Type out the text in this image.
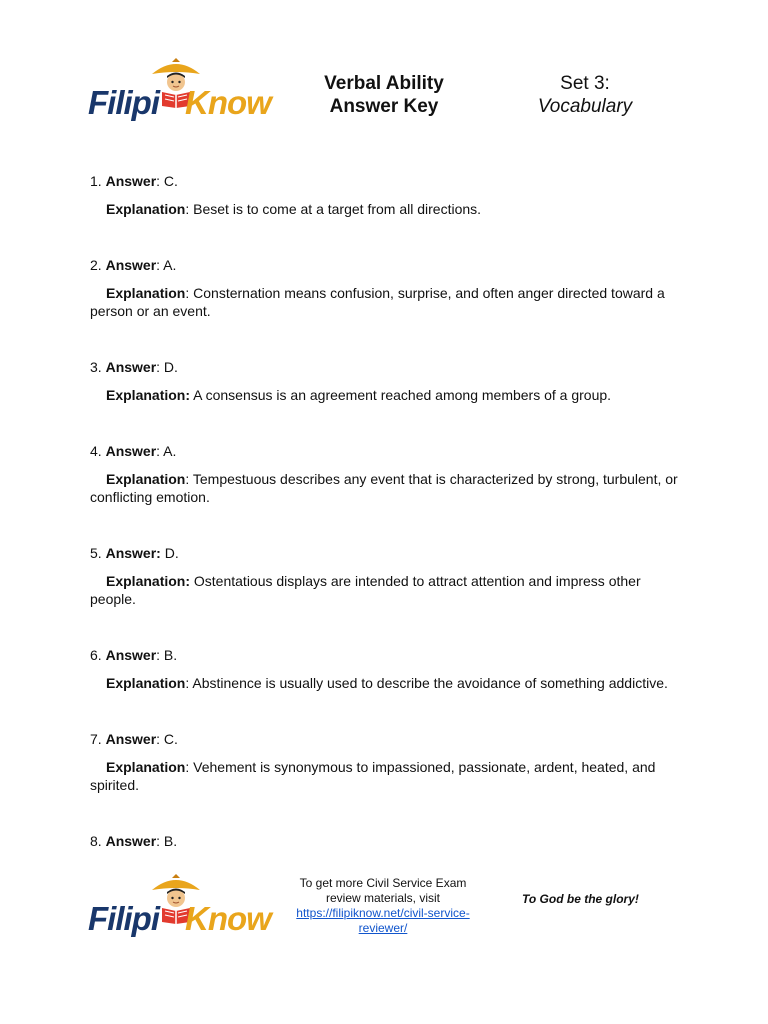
Filipi Know
Verbal Ability
Answer Key
Set 3:
Vocabulary
1. Answer: C.
Explanation: Beset is to come at a target from all directions.
2. Answer: A.
Explanation: Consternation means confusion, surprise, and often anger directed toward a person or an event.
3. Answer: D.
Explanation: A consensus is an agreement reached among members of a group.
4. Answer: A.
Explanation: Tempestuous describes any event that is characterized by strong, turbulent, or conflicting emotion.
5. Answer: D.
Explanation: Ostentatious displays are intended to attract attention and impress other people.
6. Answer: B.
Explanation: Abstinence is usually used to describe the avoidance of something addictive.
7. Answer: C.
Explanation: Vehement is synonymous to impassioned, passionate, ardent, heated, and spirited.
8. Answer: B.
Filipi Know
To get more Civil Service Exam review materials, visit
https://filipiknow.net/civil-service-reviewer/
To God be the glory!
